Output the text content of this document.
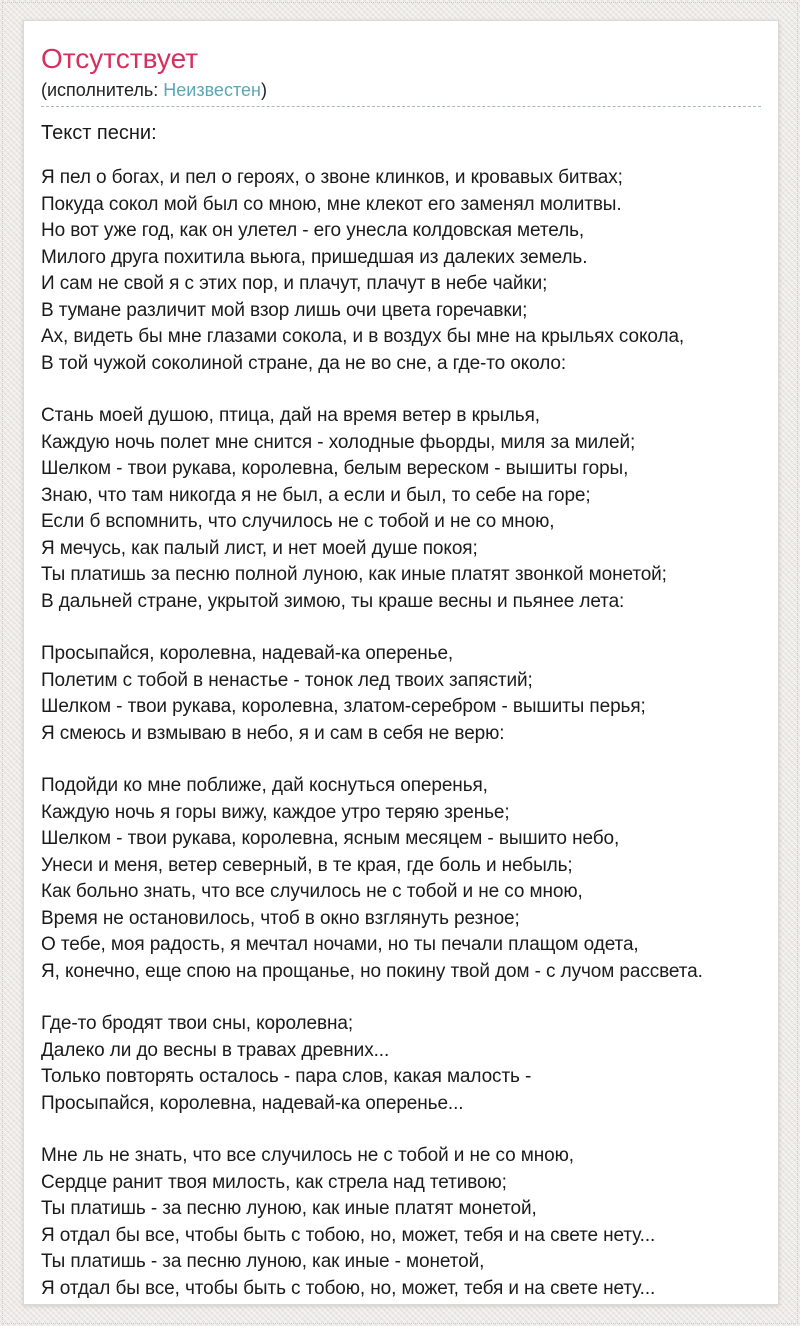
Отсутствует
(исполнитель: Неизвестен)
Текст песни:

Я пел о богах, и пел о героях, о звоне клинков, и кровавых битвах;
Покуда сокол мой был со мною, мне клекот его заменял молитвы.
Но вот уже год, как он улетел - его унесла колдовская метель,
Милого друга похитила вьюга, пришедшая из далеких земель.
И сам не свой я с этих пор, и плачут, плачут в небе чайки;
В тумане различит мой взор лишь очи цвета горечавки;
Ах, видеть бы мне глазами сокола, и в воздух бы мне на крыльях сокола,
В той чужой соколиной стране, да не во сне, а где-то около:

Стань моей душою, птица, дай на время ветер в крылья,
Каждую ночь полет мне снится - холодные фьорды, миля за милей;
Шелком - твои рукава, королевна, белым вереском - вышиты горы,
Знаю, что там никогда я не был, а если и был, то себе на горе;
Если б вспомнить, что случилось не с тобой и не со мною,
Я мечусь, как палый лист, и нет моей душе покоя;
Ты платишь за песню полной луною, как иные платят звонкой монетой;
В дальней стране, укрытой зимою, ты краше весны и пьянее лета:

Просыпайся, королевна, надевай-ка оперенье,
Полетим с тобой в ненастье - тонок лед твоих запястий;
Шелком - твои рукава, королевна, златом-серебром - вышиты перья;
Я смеюсь и взмываю в небо, я и сам в себя не верю:

Подойди ко мне поближе, дай коснуться оперенья,
Каждую ночь я горы вижу, каждое утро теряю зренье;
Шелком - твои рукава, королевна, ясным месяцем - вышито небо,
Унеси и меня, ветер северный, в те края, где боль и небыль;
Как больно знать, что все случилось не с тобой и не со мною,
Время не остановилось, чтоб в окно взглянуть резное;
О тебе, моя радость, я мечтал ночами, но ты печали плащом одета,
Я, конечно, еще спою на прощанье, но покину твой дом - с лучом рассвета.

Где-то бродят твои сны, королевна;
Далеко ли до весны в травах древних...
Только повторять осталось - пара слов, какая малость -
Просыпайся, королевна, надевай-ка оперенье...

Мне ль не знать, что все случилось не с тобой и не со мною,
Сердце ранит твоя милость, как стрела над тетивою;
Ты платишь - за песню луною, как иные платят монетой,
Я отдал бы все, чтобы быть с тобою, но, может, тебя и на свете нету...
Ты платишь - за песню луною, как иные - монетой,
Я отдал бы все, чтобы быть с тобою, но, может, тебя и на свете нету...
